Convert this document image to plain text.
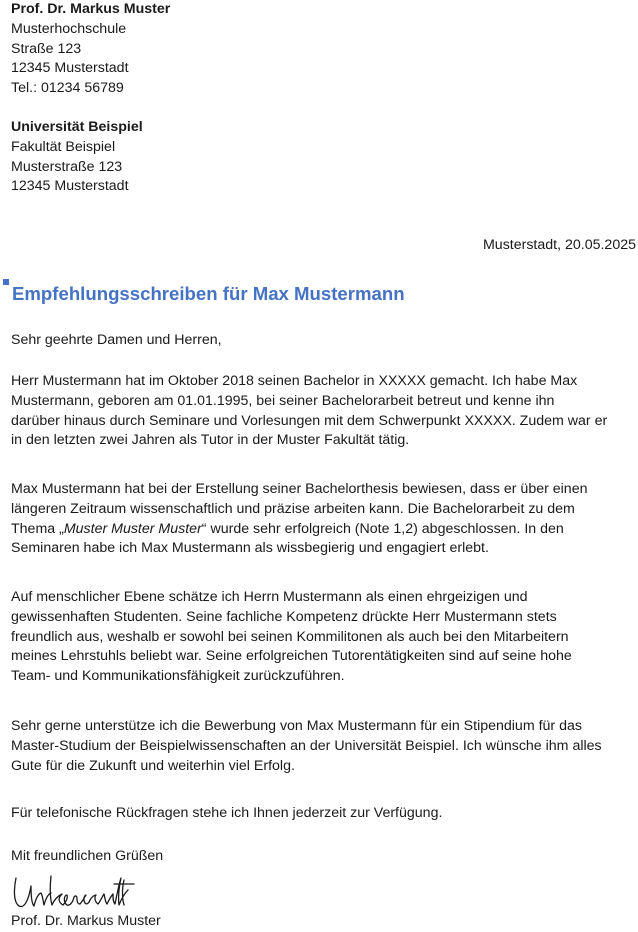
Prof. Dr. Markus Muster
Musterhochschule
Straße 123
12345 Musterstadt
Tel.: 01234 56789
Universität Beispiel
Fakultät Beispiel
Musterstraße 123
12345 Musterstadt
Musterstadt, 20.05.2025
Empfehlungsschreiben für Max Mustermann
Sehr geehrte Damen und Herren,
Herr Mustermann hat im Oktober 2018 seinen Bachelor in XXXXX gemacht. Ich habe Max
Mustermann, geboren am 01.01.1995, bei seiner Bachelorarbeit betreut und kenne ihn
darüber hinaus durch Seminare und Vorlesungen mit dem Schwerpunkt XXXXX. Zudem war er
in den letzten zwei Jahren als Tutor in der Muster Fakultät tätig.
Max Mustermann hat bei der Erstellung seiner Bachelorthesis bewiesen, dass er über einen
längeren Zeitraum wissenschaftlich und präzise arbeiten kann. Die Bachelorarbeit zu dem
Thema „Muster Muster Muster“ wurde sehr erfolgreich (Note 1,2) abgeschlossen. In den
Seminaren habe ich Max Mustermann als wissbegierig und engagiert erlebt.
Auf menschlicher Ebene schätze ich Herrn Mustermann als einen ehrgeizigen und
gewissenhaften Studenten. Seine fachliche Kompetenz drückte Herr Mustermann stets
freundlich aus, weshalb er sowohl bei seinen Kommilitonen als auch bei den Mitarbeitern
meines Lehrstuhls beliebt war. Seine erfolgreichen Tutorentätigkeiten sind auf seine hohe
Team- und Kommunikationsfähigkeit zurückzuführen.
Sehr gerne unterstütze ich die Bewerbung von Max Mustermann für ein Stipendium für das
Master-Studium der Beispielwissenschaften an der Universität Beispiel. Ich wünsche ihm alles
Gute für die Zukunft und weiterhin viel Erfolg.
Für telefonische Rückfragen stehe ich Ihnen jederzeit zur Verfügung.
Mit freundlichen Grüßen
Prof. Dr. Markus Muster
